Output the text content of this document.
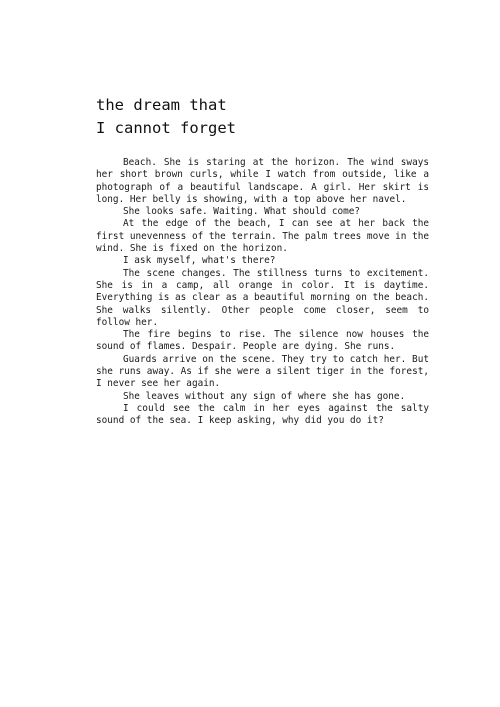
the dream that
I cannot forget

Beach. She is staring at the horizon. The wind sways her short brown curls, while I watch from outside, like a photograph of a beautiful landscape. A girl. Her skirt is long. Her belly is showing, with a top above her navel.

She looks safe. Waiting. What should come?

At the edge of the beach, I can see at her back the first unevenness of the terrain. The palm trees move in the wind. She is fixed on the horizon.

I ask myself, what's there?

The scene changes. The stillness turns to excitement. She is in a camp, all orange in color. It is daytime. Everything is as clear as a beautiful morning on the beach. She walks silently. Other people come closer, seem to follow her.

The fire begins to rise. The silence now houses the sound of flames. Despair. People are dying. She runs.

Guards arrive on the scene. They try to catch her. But she runs away. As if she were a silent tiger in the forest, I never see her again.

She leaves without any sign of where she has gone.

I could see the calm in her eyes against the salty sound of the sea. I keep asking, why did you do it?
